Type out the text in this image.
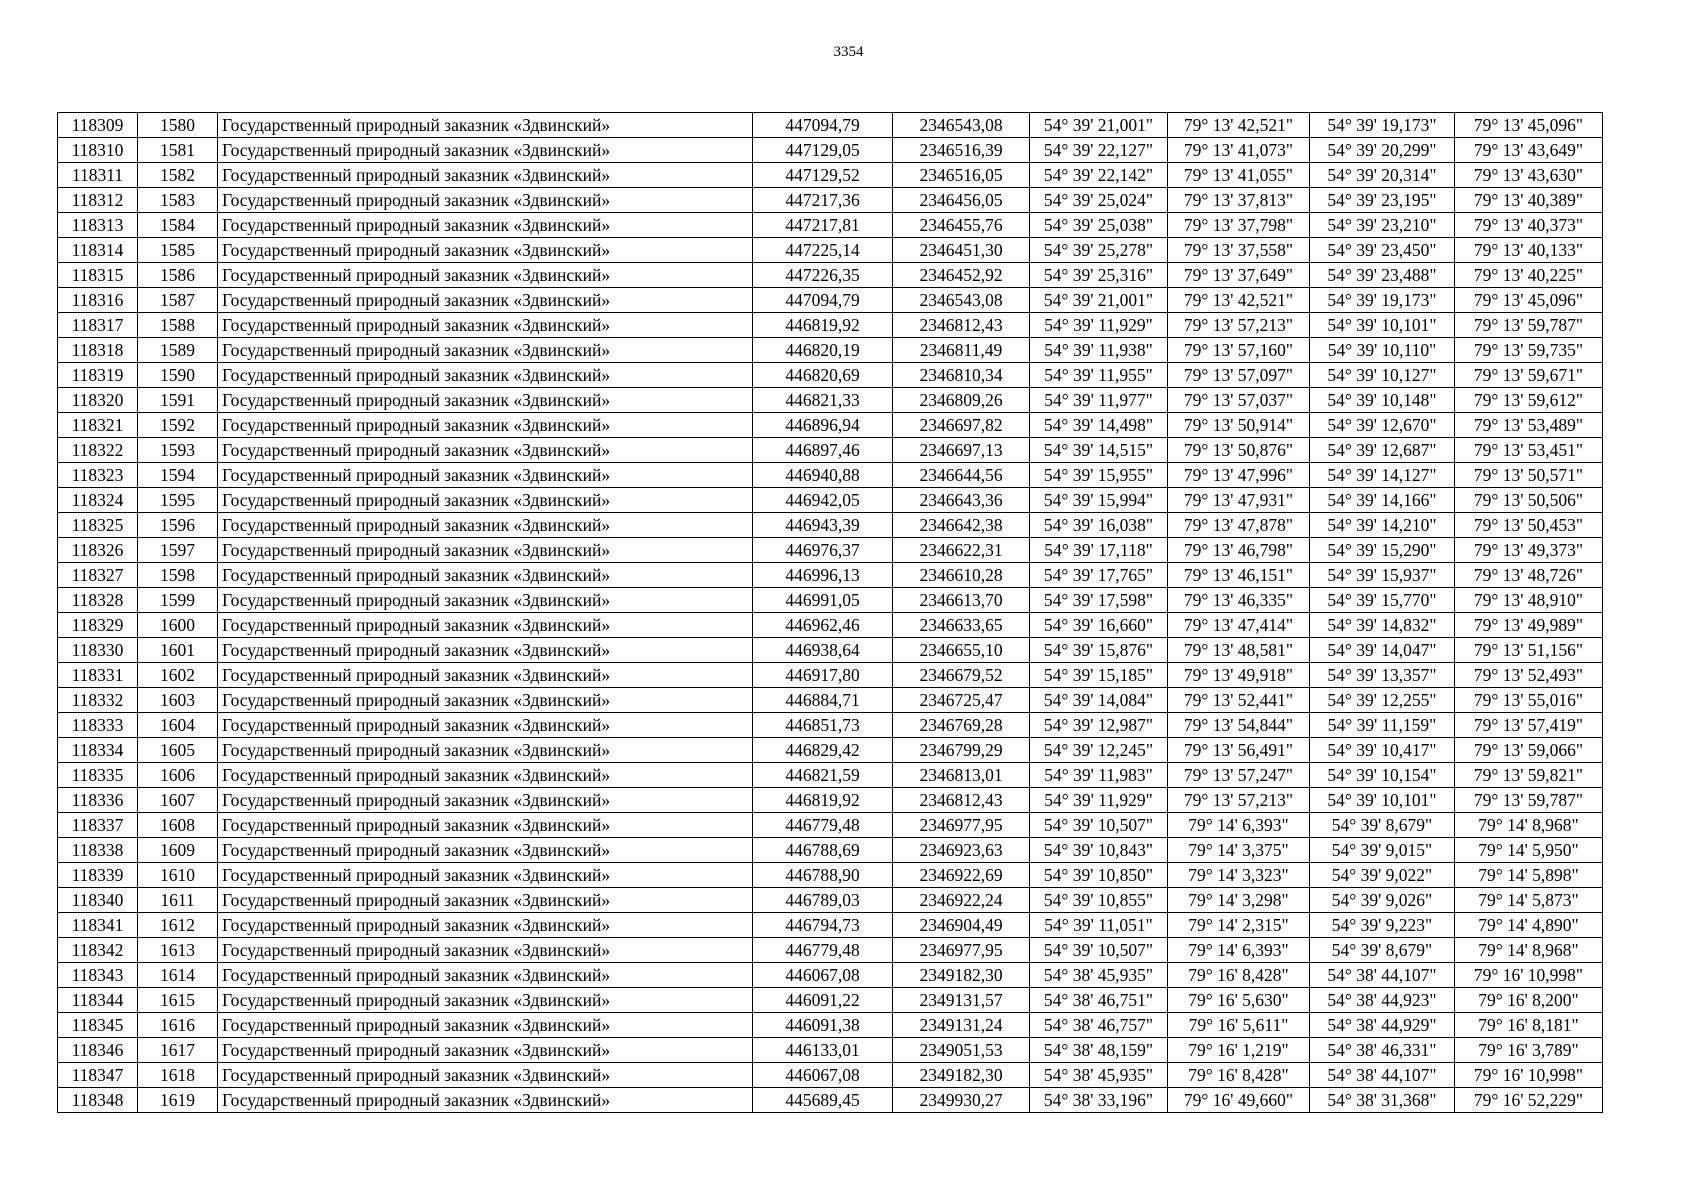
3354
118309	1580	Государственный природный заказник «Здвинский»	447094,79	2346543,08	54° 39' 21,001"	79° 13' 42,521"	54° 39' 19,173"	79° 13' 45,096"
118310	1581	Государственный природный заказник «Здвинский»	447129,05	2346516,39	54° 39' 22,127"	79° 13' 41,073"	54° 39' 20,299"	79° 13' 43,649"
118311	1582	Государственный природный заказник «Здвинский»	447129,52	2346516,05	54° 39' 22,142"	79° 13' 41,055"	54° 39' 20,314"	79° 13' 43,630"
118312	1583	Государственный природный заказник «Здвинский»	447217,36	2346456,05	54° 39' 25,024"	79° 13' 37,813"	54° 39' 23,195"	79° 13' 40,389"
118313	1584	Государственный природный заказник «Здвинский»	447217,81	2346455,76	54° 39' 25,038"	79° 13' 37,798"	54° 39' 23,210"	79° 13' 40,373"
118314	1585	Государственный природный заказник «Здвинский»	447225,14	2346451,30	54° 39' 25,278"	79° 13' 37,558"	54° 39' 23,450"	79° 13' 40,133"
118315	1586	Государственный природный заказник «Здвинский»	447226,35	2346452,92	54° 39' 25,316"	79° 13' 37,649"	54° 39' 23,488"	79° 13' 40,225"
118316	1587	Государственный природный заказник «Здвинский»	447094,79	2346543,08	54° 39' 21,001"	79° 13' 42,521"	54° 39' 19,173"	79° 13' 45,096"
118317	1588	Государственный природный заказник «Здвинский»	446819,92	2346812,43	54° 39' 11,929"	79° 13' 57,213"	54° 39' 10,101"	79° 13' 59,787"
118318	1589	Государственный природный заказник «Здвинский»	446820,19	2346811,49	54° 39' 11,938"	79° 13' 57,160"	54° 39' 10,110"	79° 13' 59,735"
118319	1590	Государственный природный заказник «Здвинский»	446820,69	2346810,34	54° 39' 11,955"	79° 13' 57,097"	54° 39' 10,127"	79° 13' 59,671"
118320	1591	Государственный природный заказник «Здвинский»	446821,33	2346809,26	54° 39' 11,977"	79° 13' 57,037"	54° 39' 10,148"	79° 13' 59,612"
118321	1592	Государственный природный заказник «Здвинский»	446896,94	2346697,82	54° 39' 14,498"	79° 13' 50,914"	54° 39' 12,670"	79° 13' 53,489"
118322	1593	Государственный природный заказник «Здвинский»	446897,46	2346697,13	54° 39' 14,515"	79° 13' 50,876"	54° 39' 12,687"	79° 13' 53,451"
118323	1594	Государственный природный заказник «Здвинский»	446940,88	2346644,56	54° 39' 15,955"	79° 13' 47,996"	54° 39' 14,127"	79° 13' 50,571"
118324	1595	Государственный природный заказник «Здвинский»	446942,05	2346643,36	54° 39' 15,994"	79° 13' 47,931"	54° 39' 14,166"	79° 13' 50,506"
118325	1596	Государственный природный заказник «Здвинский»	446943,39	2346642,38	54° 39' 16,038"	79° 13' 47,878"	54° 39' 14,210"	79° 13' 50,453"
118326	1597	Государственный природный заказник «Здвинский»	446976,37	2346622,31	54° 39' 17,118"	79° 13' 46,798"	54° 39' 15,290"	79° 13' 49,373"
118327	1598	Государственный природный заказник «Здвинский»	446996,13	2346610,28	54° 39' 17,765"	79° 13' 46,151"	54° 39' 15,937"	79° 13' 48,726"
118328	1599	Государственный природный заказник «Здвинский»	446991,05	2346613,70	54° 39' 17,598"	79° 13' 46,335"	54° 39' 15,770"	79° 13' 48,910"
118329	1600	Государственный природный заказник «Здвинский»	446962,46	2346633,65	54° 39' 16,660"	79° 13' 47,414"	54° 39' 14,832"	79° 13' 49,989"
118330	1601	Государственный природный заказник «Здвинский»	446938,64	2346655,10	54° 39' 15,876"	79° 13' 48,581"	54° 39' 14,047"	79° 13' 51,156"
118331	1602	Государственный природный заказник «Здвинский»	446917,80	2346679,52	54° 39' 15,185"	79° 13' 49,918"	54° 39' 13,357"	79° 13' 52,493"
118332	1603	Государственный природный заказник «Здвинский»	446884,71	2346725,47	54° 39' 14,084"	79° 13' 52,441"	54° 39' 12,255"	79° 13' 55,016"
118333	1604	Государственный природный заказник «Здвинский»	446851,73	2346769,28	54° 39' 12,987"	79° 13' 54,844"	54° 39' 11,159"	79° 13' 57,419"
118334	1605	Государственный природный заказник «Здвинский»	446829,42	2346799,29	54° 39' 12,245"	79° 13' 56,491"	54° 39' 10,417"	79° 13' 59,066"
118335	1606	Государственный природный заказник «Здвинский»	446821,59	2346813,01	54° 39' 11,983"	79° 13' 57,247"	54° 39' 10,154"	79° 13' 59,821"
118336	1607	Государственный природный заказник «Здвинский»	446819,92	2346812,43	54° 39' 11,929"	79° 13' 57,213"	54° 39' 10,101"	79° 13' 59,787"
118337	1608	Государственный природный заказник «Здвинский»	446779,48	2346977,95	54° 39' 10,507"	79° 14' 6,393"	54° 39' 8,679"	79° 14' 8,968"
118338	1609	Государственный природный заказник «Здвинский»	446788,69	2346923,63	54° 39' 10,843"	79° 14' 3,375"	54° 39' 9,015"	79° 14' 5,950"
118339	1610	Государственный природный заказник «Здвинский»	446788,90	2346922,69	54° 39' 10,850"	79° 14' 3,323"	54° 39' 9,022"	79° 14' 5,898"
118340	1611	Государственный природный заказник «Здвинский»	446789,03	2346922,24	54° 39' 10,855"	79° 14' 3,298"	54° 39' 9,026"	79° 14' 5,873"
118341	1612	Государственный природный заказник «Здвинский»	446794,73	2346904,49	54° 39' 11,051"	79° 14' 2,315"	54° 39' 9,223"	79° 14' 4,890"
118342	1613	Государственный природный заказник «Здвинский»	446779,48	2346977,95	54° 39' 10,507"	79° 14' 6,393"	54° 39' 8,679"	79° 14' 8,968"
118343	1614	Государственный природный заказник «Здвинский»	446067,08	2349182,30	54° 38' 45,935"	79° 16' 8,428"	54° 38' 44,107"	79° 16' 10,998"
118344	1615	Государственный природный заказник «Здвинский»	446091,22	2349131,57	54° 38' 46,751"	79° 16' 5,630"	54° 38' 44,923"	79° 16' 8,200"
118345	1616	Государственный природный заказник «Здвинский»	446091,38	2349131,24	54° 38' 46,757"	79° 16' 5,611"	54° 38' 44,929"	79° 16' 8,181"
118346	1617	Государственный природный заказник «Здвинский»	446133,01	2349051,53	54° 38' 48,159"	79° 16' 1,219"	54° 38' 46,331"	79° 16' 3,789"
118347	1618	Государственный природный заказник «Здвинский»	446067,08	2349182,30	54° 38' 45,935"	79° 16' 8,428"	54° 38' 44,107"	79° 16' 10,998"
118348	1619	Государственный природный заказник «Здвинский»	445689,45	2349930,27	54° 38' 33,196"	79° 16' 49,660"	54° 38' 31,368"	79° 16' 52,229"
